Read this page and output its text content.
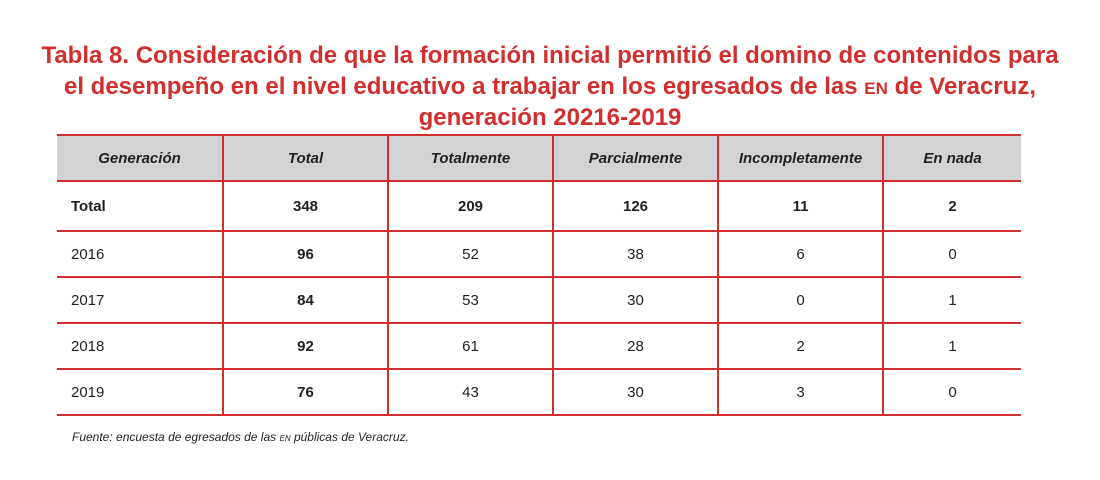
Tabla 8. Consideración de que la formación inicial permitió el domino de contenidos para el desempeño en el nivel educativo a trabajar en los egresados de las en de Veracruz, generación 20216-2019
Generación	Total	Totalmente	Parcialmente	Incompletamente	En nada
Total	348	209	126	11	2
2016	96	52	38	6	0
2017	84	53	30	0	1
2018	92	61	28	2	1
2019	76	43	30	3	0
Fuente: encuesta de egresados de las en públicas de Veracruz.
